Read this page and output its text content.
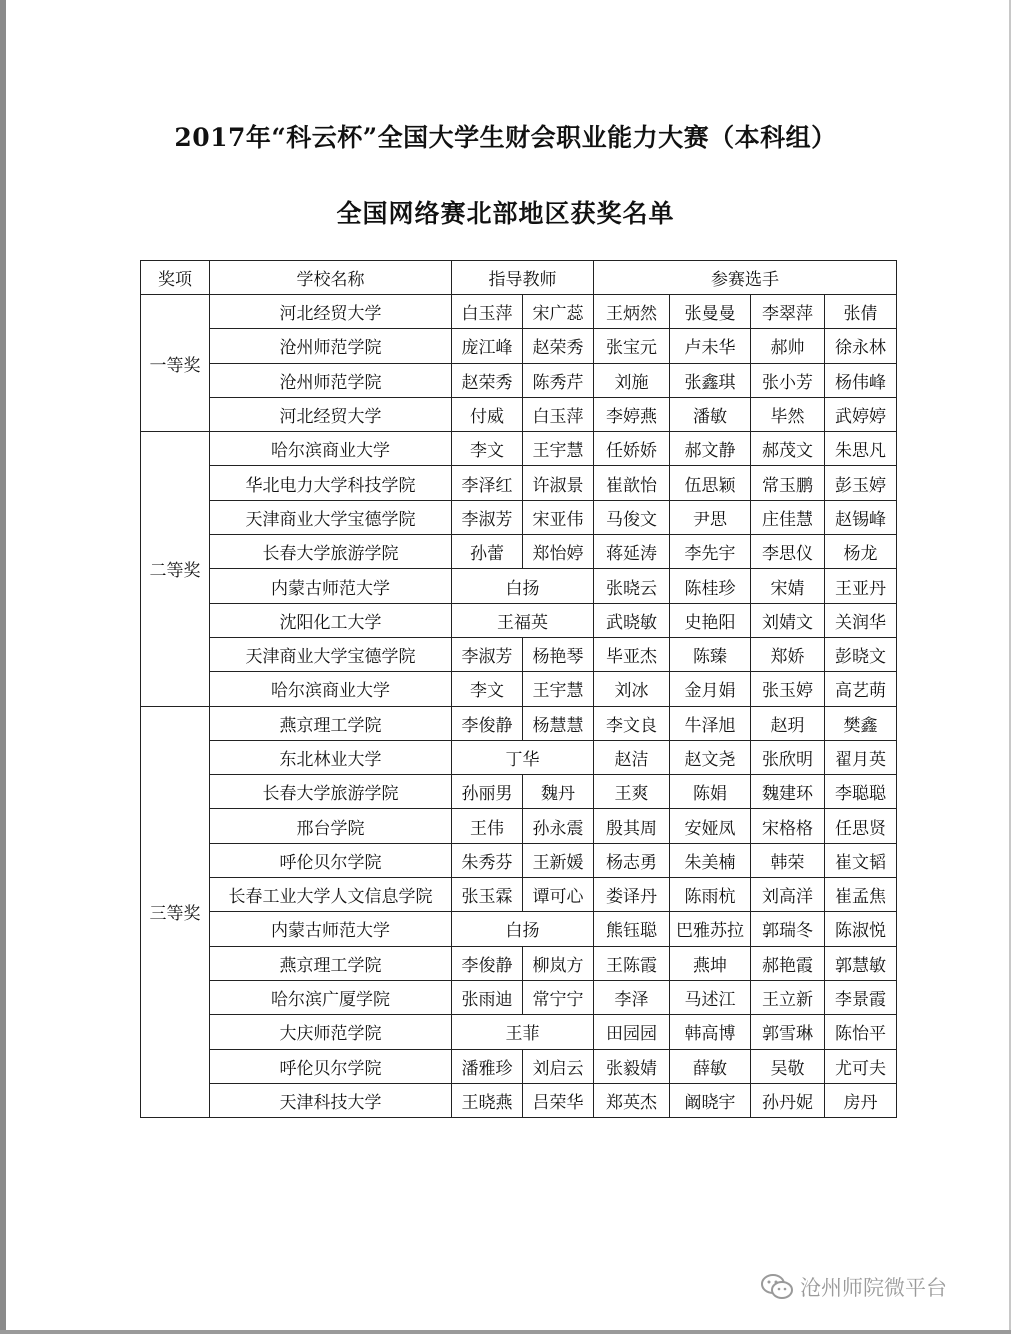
2017年“科云杯”全国大学生财会职业能力大赛（本科组）
全国网络赛北部地区获奖名单
奖项	学校名称	指导教师		参赛选手			
一等奖	河北经贸大学	白玉萍	宋广蕊	王炳然	张曼曼	李翠萍	张倩
	沧州师范学院	庞江峰	赵荣秀	张宝元	卢未华	郝帅	徐永林
	沧州师范学院	赵荣秀	陈秀芹	刘施	张鑫琪	张小芳	杨伟峰
	河北经贸大学	付威	白玉萍	李婷燕	潘敏	毕然	武婷婷
二等奖	哈尔滨商业大学	李文	王宇慧	任娇娇	郝文静	郝茂文	朱思凡
	华北电力大学科技学院	李泽红	许淑景	崔歆怡	伍思颖	常玉鹏	彭玉婷
	天津商业大学宝德学院	李淑芳	宋亚伟	马俊文	尹思	庄佳慧	赵锡峰
	长春大学旅游学院	孙蕾	郑怡婷	蒋延涛	李先宇	李思仪	杨龙
	内蒙古师范大学	白扬		张晓云	陈桂珍	宋婧	王亚丹
	沈阳化工大学	王福英		武晓敏	史艳阳	刘婧文	关润华
	天津商业大学宝德学院	李淑芳	杨艳琴	毕亚杰	陈臻	郑娇	彭晓文
	哈尔滨商业大学	李文	王宇慧	刘冰	金月娟	张玉婷	高艺萌
三等奖	燕京理工学院	李俊静	杨慧慧	李文良	牛泽旭	赵玥	樊鑫
	东北林业大学	丁华		赵洁	赵文尧	张欣明	翟月英
	长春大学旅游学院	孙丽男	魏丹	王爽	陈娟	魏建环	李聪聪
	邢台学院	王伟	孙永震	殷其周	安娅凤	宋格格	任思贤
	呼伦贝尔学院	朱秀芬	王新媛	杨志勇	朱美楠	韩荣	崔文韬
	长春工业大学人文信息学院	张玉霖	谭可心	娄译丹	陈雨杭	刘高洋	崔孟焦
	内蒙古师范大学	白扬		熊钰聪	巴雅苏拉	郭瑞冬	陈淑悦
	燕京理工学院	李俊静	柳岚方	王陈霞	燕坤	郝艳霞	郭慧敏
	哈尔滨广厦学院	张雨迪	常宁宁	李泽	马述江	王立新	李景霞
	大庆师范学院	王菲		田园园	韩高博	郭雪琳	陈怡平
	呼伦贝尔学院	潘雅珍	刘启云	张毅婧	薛敏	吴敬	尤可夫
	天津科技大学	王晓燕	吕荣华	郑英杰	阚晓宇	孙丹妮	房丹
沧州师院微平台
